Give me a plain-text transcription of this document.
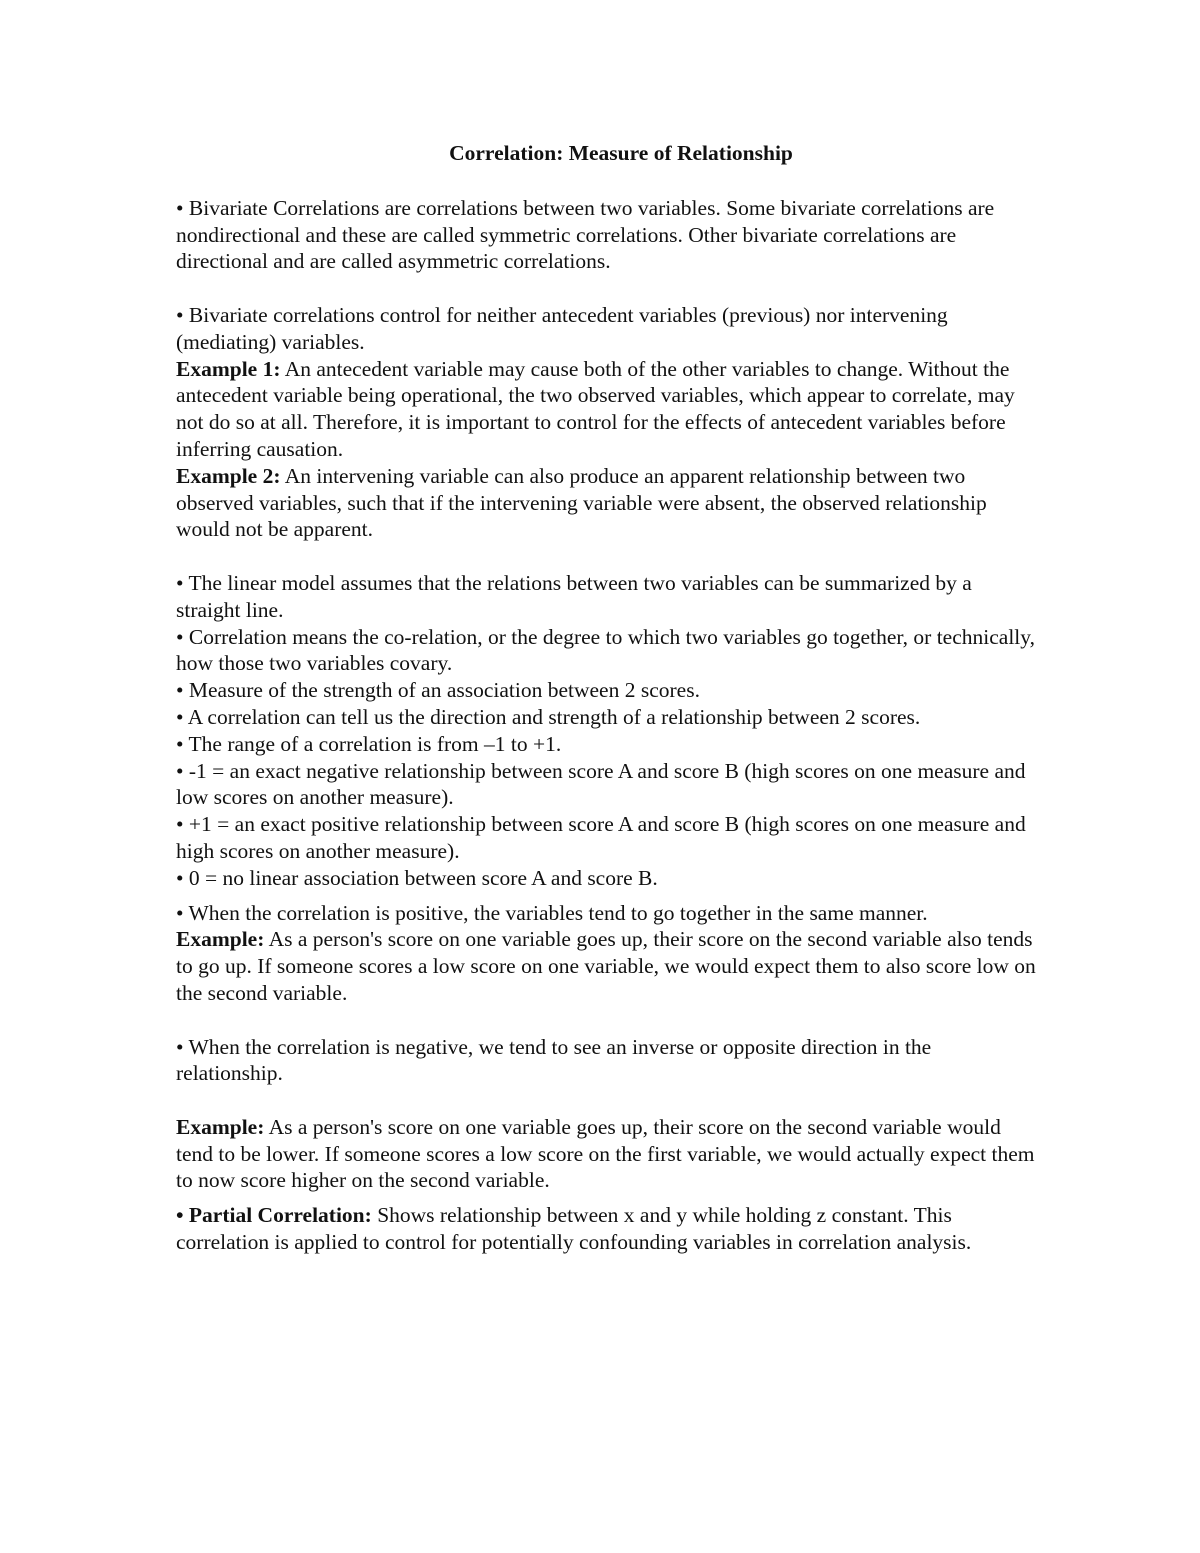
Correlation: Measure of Relationship

• Bivariate Correlations are correlations between two variables. Some bivariate correlations are nondirectional and these are called symmetric correlations. Other bivariate correlations are directional and are called asymmetric correlations.

• Bivariate correlations control for neither antecedent variables (previous) nor intervening (mediating) variables.

Example 1: An antecedent variable may cause both of the other variables to change. Without the antecedent variable being operational, the two observed variables, which appear to correlate, may not do so at all. Therefore, it is important to control for the effects of antecedent variables before inferring causation.

Example 2: An intervening variable can also produce an apparent relationship between two observed variables, such that if the intervening variable were absent, the observed relationship would not be apparent.

• The linear model assumes that the relations between two variables can be summarized by a straight line.

• Correlation means the co-relation, or the degree to which two variables go together, or technically, how those two variables covary.

• Measure of the strength of an association between 2 scores.

• A correlation can tell us the direction and strength of a relationship between 2 scores.

• The range of a correlation is from –1 to +1.

• -1 = an exact negative relationship between score A and score B (high scores on one measure and low scores on another measure).

• +1 = an exact positive relationship between score A and score B (high scores on one measure and high scores on another measure).

• 0 = no linear association between score A and score B.

• When the correlation is positive, the variables tend to go together in the same manner.

Example: As a person's score on one variable goes up, their score on the second variable also tends to go up. If someone scores a low score on one variable, we would expect them to also score low on the second variable.

• When the correlation is negative, we tend to see an inverse or opposite direction in the relationship.

Example: As a person's score on one variable goes up, their score on the second variable would tend to be lower. If someone scores a low score on the first variable, we would actually expect them to now score higher on the second variable.

• Partial Correlation: Shows relationship between x and y while holding z constant. This correlation is applied to control for potentially confounding variables in correlation analysis.
